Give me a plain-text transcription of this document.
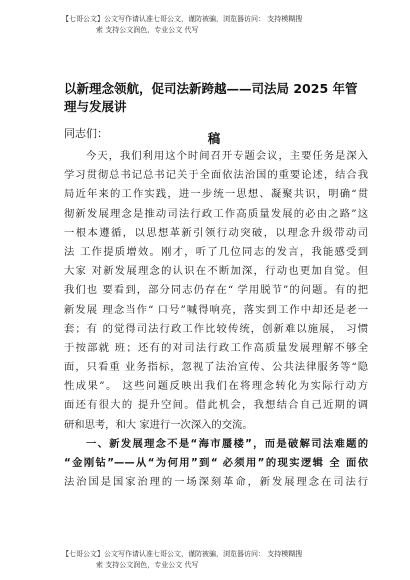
【七哥公文】公文写作请认准七哥公文，谨防被骗，浏览器访问： 支持模糊搜
索 支持公文润色，专业公文 代写
以新理念领航，促司法新跨越——司法局 2025 年管理与发展讲
稿
同志们：
今天，我们利用这个时间召开专题会议，主要任务是深入
学习贯彻总书记总书记关于全面依法治国的重要论述，结合我
局近年来的工作实践，进一步统一思想、凝聚共识，明确“贯
彻新发展理念是推动司法行政工作高质量发展的必由之路”这
一根本遵循，以思想革新引领行动突破，以理念升级带动司
法 工作提质增效。刚才，听了几位同志的发言，我能感受到
大家 对新发展理念的认识在不断加深，行动也更加自觉。但
我们也 要看到，部分同志仍存在“ 学用脱节”的问题。有的把
新发展 理念当作“ 口号”喊得响亮，落实到工作中却还是老一
套；有 的觉得司法行政工作比较传统，创新难以施展， 习惯
于按部就 班；还有的对司法行政工作高质量发展理解不够全
面，只看重 业务指标，忽视了法治宣传、公共法律服务等“隐
性成果”。 这些问题反映出我们在将理念转化为实际行动方
面还有很大的 提升空间。借此机会，我想结合自己近期的调
研和思考，和大 家进行一次深入的交流。
一、新发展理念不是“海市蜃楼”，而是破解司法难题的
“金刚钻”——从“为何用”到“ 必须用”的现实逻辑 全 面依
法治国是国家治理的一场深刻革命，新发展理念在司法行
【七哥公文】公文写作请认准七哥公文，谨防被骗，浏览器访问： 支持模糊搜
索 支持公文润色，专业公文 代写
